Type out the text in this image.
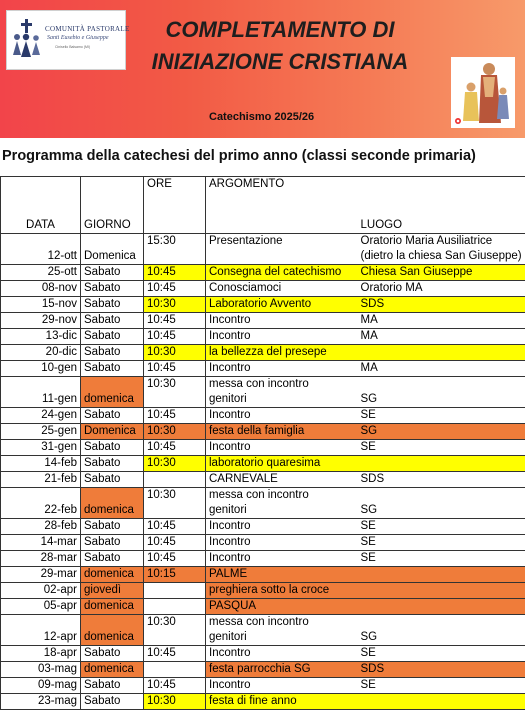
COMUNITÀ PASTORALE
Santi Eusebio e Giuseppe
Cinisello Balsamo (MI)
COMPLETAMENTO DI
INIZIAZIONE CRISTIANA
Catechismo 2025/26
Programma della catechesi del primo anno (classi seconde primaria)
DATA	GIORNO	ORE	ARGOMENTO	LUOGO
12-ott	Domenica	15:30	Presentazione	Oratorio Maria Ausiliatrice
(dietro la chiesa San Giuseppe)

25-ott	Sabato	10:45	Consegna del catechismo	Chiesa San Giuseppe
08-nov	Sabato	10:45	Conosciamoci	Oratorio MA
15-nov	Sabato	10:30	Laboratorio Avvento	SDS
29-nov	Sabato	10:45	Incontro	MA
13-dic	Sabato	10:45	Incontro	MA
20-dic	Sabato	10:30	la bellezza del presepe	
10-gen	Sabato	10:45	Incontro	MA
11-gen	domenica	10:30	messa con incontro
genitori	SG
24-gen	Sabato	10:45	Incontro	SE
25-gen	Domenica	10:30	festa della famiglia	SG
31-gen	Sabato	10:45	Incontro	SE
14-feb	Sabato	10:30	laboratorio quaresima	
21-feb	Sabato		CARNEVALE	SDS
22-feb	domenica	10:30	messa con incontro
genitori	SG
28-feb	Sabato	10:45	Incontro	SE
14-mar	Sabato	10:45	Incontro	SE
28-mar	Sabato	10:45	Incontro	SE
29-mar	domenica	10:15	PALME	
02-apr	giovedì		preghiera sotto la croce	
05-apr	domenica		PASQUA	
12-apr	domenica	10:30	messa con incontro
genitori	SG
18-apr	Sabato	10:45	Incontro	SE
03-mag	domenica		festa parrocchia SG	SDS
09-mag	Sabato	10:45	Incontro	SE
23-mag	Sabato	10:30	festa di fine anno	
